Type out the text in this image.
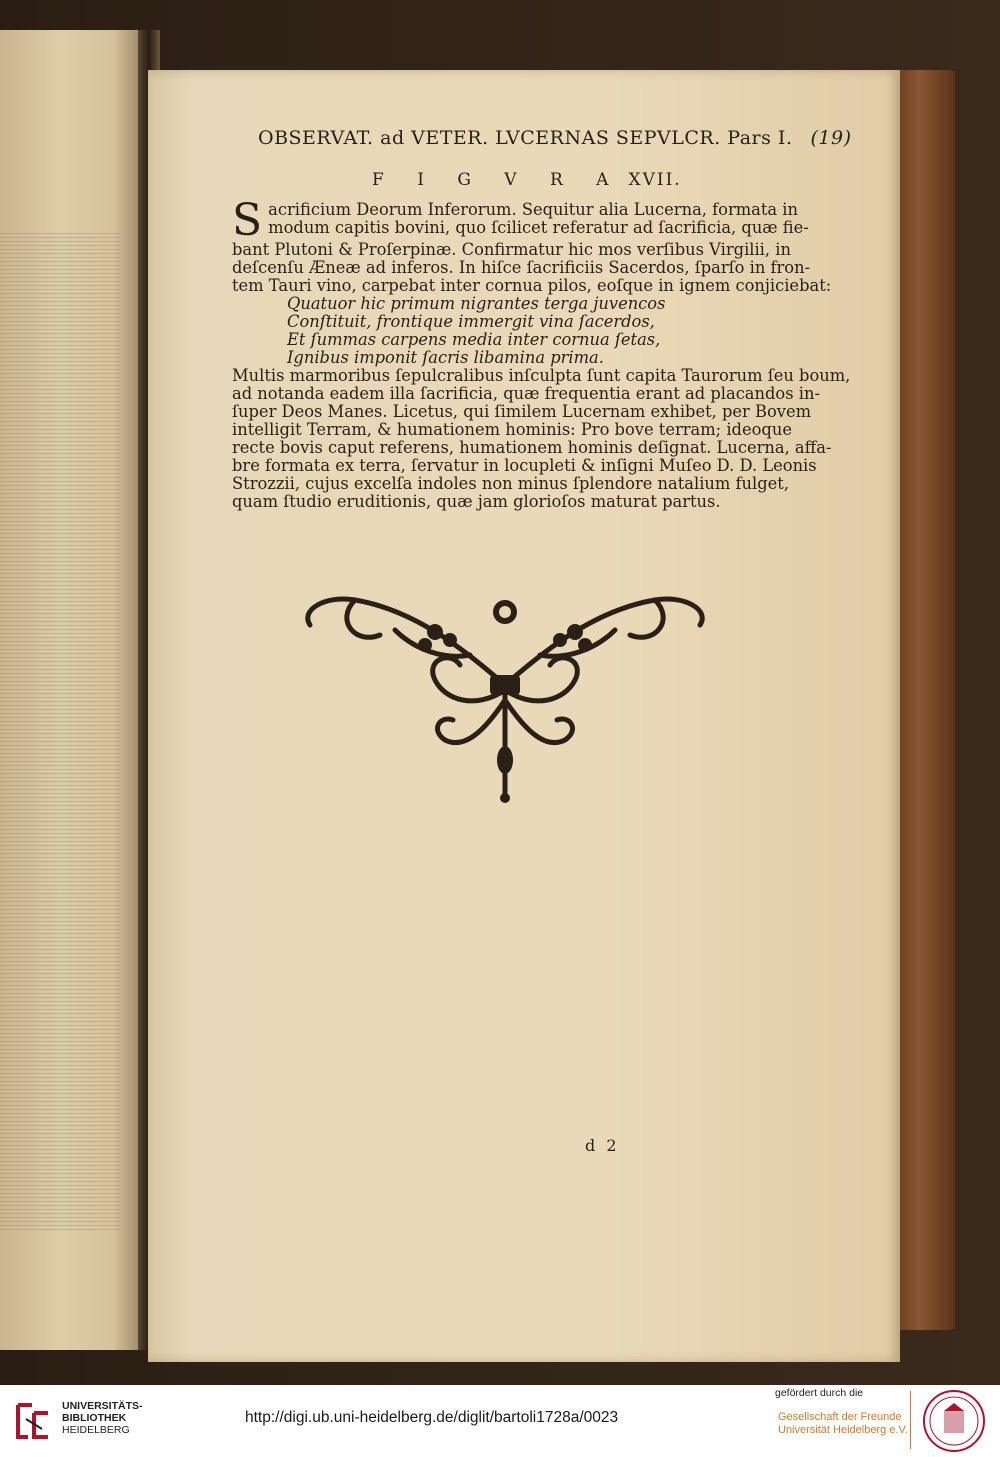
OBSERVAT. ad VETER. LVCERNAS SEPVLCR. Pars I. (19)
F I G V R A XVII.
S acrificium Deorum Inferorum. Sequitur alia Lucerna, formata in
modum capitis bovini, quo ſcilicet referatur ad ſacrificia, quæ fie-
bant Plutoni & Proſerpinæ. Confirmatur hic mos verſibus Virgilii, in
deſcenſu Æneæ ad inferos. In hiſce ſacrificiis Sacerdos, ſparſo in fron-
tem Tauri vino, carpebat inter cornua pilos, eoſque in ignem conjiciebat:
Quatuor hic primum nigrantes terga juvencos
Conſtituit, frontique immergit vina ſacerdos,
Et ſummas carpens media inter cornua ſetas,
Ignibus imponit ſacris libamina prima.
Multis marmoribus ſepulcralibus inſculpta ſunt capita Taurorum ſeu boum,
ad notanda eadem illa ſacrificia, quæ frequentia erant ad placandos in-
ſuper Deos Manes. Licetus, qui ſimilem Lucernam exhibet, per Bovem
intelligit Terram, & humationem hominis: Pro bove terram; ideoque
recte bovis caput referens, humationem hominis deſignat. Lucerna, affa-
bre formata ex terra, ſervatur in locupleti & inſigni Muſeo D. D. Leonis
Strozzii, cujus excelſa indoles non minus ſplendore natalium fulget,
quam ſtudio eruditionis, quæ jam glorioſos maturat partus.
d 2
UNIVERSITÄTS-
BIBLIOTHEK
HEIDELBERG
http://digi.ub.uni-heidelberg.de/diglit/bartoli1728a/0023
gefördert durch die
Gesellschaft der Freunde
Universität Heidelberg e.V.
